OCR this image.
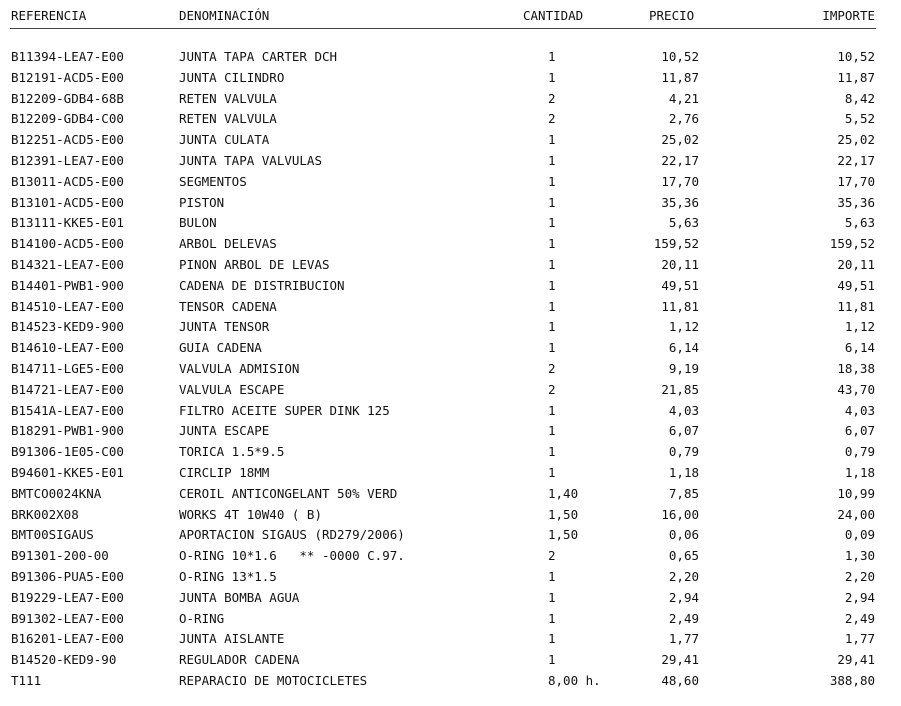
REFERENCIA	DENOMINACIÓN	CANTIDAD	PRECIO	IMPORTE
B11394-LEA7-E00	JUNTA TAPA CARTER DCH	1	10,52	10,52
B12191-ACD5-E00	JUNTA CILINDRO	1	11,87	11,87
B12209-GDB4-68B	RETEN VALVULA	2	4,21	8,42
B12209-GDB4-C00	RETEN VALVULA	2	2,76	5,52
B12251-ACD5-E00	JUNTA CULATA	1	25,02	25,02
B12391-LEA7-E00	JUNTA TAPA VALVULAS	1	22,17	22,17
B13011-ACD5-E00	SEGMENTOS	1	17,70	17,70
B13101-ACD5-E00	PISTON	1	35,36	35,36
B13111-KKE5-E01	BULON	1	5,63	5,63
B14100-ACD5-E00	ARBOL DELEVAS	1	159,52	159,52
B14321-LEA7-E00	PINON ARBOL DE LEVAS	1	20,11	20,11
B14401-PWB1-900	CADENA DE DISTRIBUCION	1	49,51	49,51
B14510-LEA7-E00	TENSOR CADENA	1	11,81	11,81
B14523-KED9-900	JUNTA TENSOR	1	1,12	1,12
B14610-LEA7-E00	GUIA CADENA	1	6,14	6,14
B14711-LGE5-E00	VALVULA ADMISION	2	9,19	18,38
B14721-LEA7-E00	VALVULA ESCAPE	2	21,85	43,70
B1541A-LEA7-E00	FILTRO ACEITE SUPER DINK 125	1	4,03	4,03
B18291-PWB1-900	JUNTA ESCAPE	1	6,07	6,07
B91306-1E05-C00	TORICA 1.5*9.5	1	0,79	0,79
B94601-KKE5-E01	CIRCLIP 18MM	1	1,18	1,18
BMTCO0024KNA	CEROIL ANTICONGELANT 50% VERD	1,40	7,85	10,99
BRK002X08	WORKS 4T 10W40 ( B)	1,50	16,00	24,00
BMT00SIGAUS	APORTACION SIGAUS (RD279/2006)	1,50	0,06	0,09
B91301-200-00	O-RING 10*1.6   ** -0000 C.97.	2	0,65	1,30
B91306-PUA5-E00	O-RING 13*1.5	1	2,20	2,20
B19229-LEA7-E00	JUNTA BOMBA AGUA	1	2,94	2,94
B91302-LEA7-E00	O-RING	1	2,49	2,49
B16201-LEA7-E00	JUNTA AISLANTE	1	1,77	1,77
B14520-KED9-90	REGULADOR CADENA	1	29,41	29,41
T111	REPARACIO DE MOTOCICLETES	8,00 h.	48,60	388,80
